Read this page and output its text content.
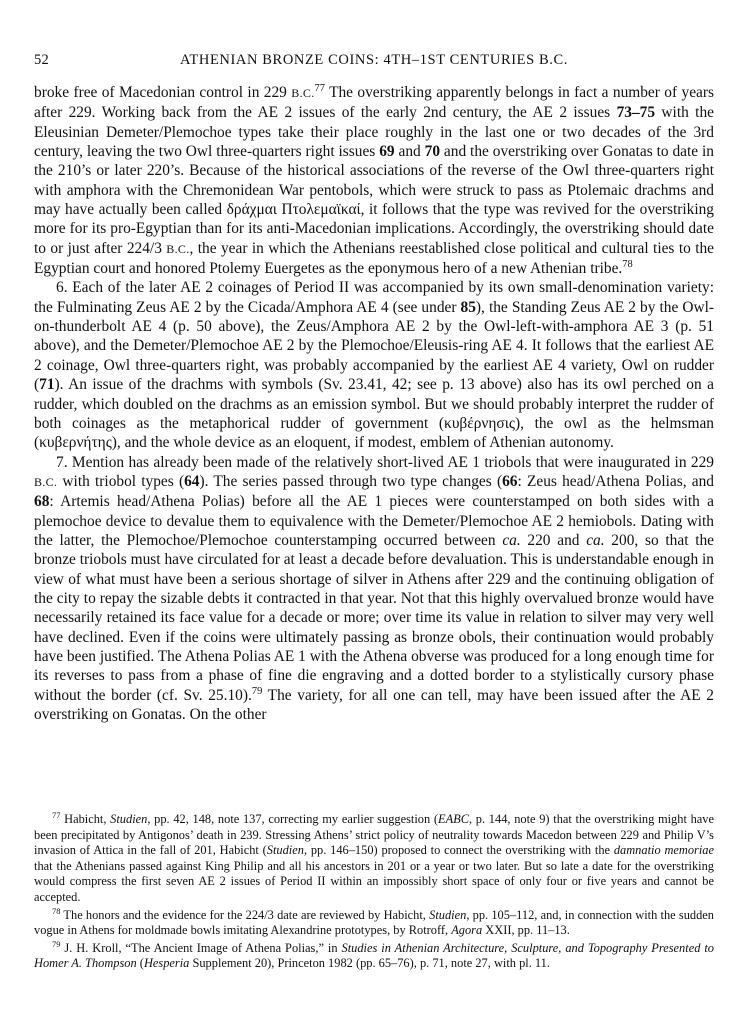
52	ATHENIAN BRONZE COINS: 4TH–1ST CENTURIES B.C.

broke free of Macedonian control in 229 B.C.$^{77}$ The overstriking apparently belongs in fact a number of years after 229. Working back from the AE 2 issues of the early 2nd century, the AE 2 issues 73–75 with the Eleusinian Demeter/Plemochoe types take their place roughly in the last one or two decades of the 3rd century, leaving the two Owl three-quarters right issues 69 and 70 and the overstriking over Gonatas to date in the 210’s or later 220’s. Because of the historical associations of the reverse of the Owl three-quarters right with amphora with the Chremonidean War pentobols, which were struck to pass as Ptolemaic drachms and may have actually been called δράχμαι Πτολεμαϊκαί, it follows that the type was revived for the overstriking more for its pro-Egyptian than for its anti-Macedonian implications. Accordingly, the overstriking should date to or just after 224/3 B.C., the year in which the Athenians reestablished close political and cultural ties to the Egyptian court and honored Ptolemy Euergetes as the eponymous hero of a new Athenian tribe.$^{78}$

6. Each of the later AE 2 coinages of Period II was accompanied by its own small-denomination variety: the Fulminating Zeus AE 2 by the Cicada/Amphora AE 4 (see under 85), the Standing Zeus AE 2 by the Owl-on-thunderbolt AE 4 (p. 50 above), the Zeus/Amphora AE 2 by the Owl-left-with-amphora AE 3 (p. 51 above), and the Demeter/Plemochoe AE 2 by the Plemochoe/Eleusis-ring AE 4. It follows that the earliest AE 2 coinage, Owl three-quarters right, was probably accompanied by the earliest AE 4 variety, Owl on rudder (71). An issue of the drachms with symbols (Sv. 23.41, 42; see p. 13 above) also has its owl perched on a rudder, which doubled on the drachms as an emission symbol. But we should probably interpret the rudder of both coinages as the metaphorical rudder of government (κυβέρνησις), the owl as the helmsman (κυβερνήτης), and the whole device as an eloquent, if modest, emblem of Athenian autonomy.

7. Mention has already been made of the relatively short-lived AE 1 triobols that were inaugurated in 229 B.C. with triobol types (64). The series passed through two type changes (66: Zeus head/Athena Polias, and 68: Artemis head/Athena Polias) before all the AE 1 pieces were counterstamped on both sides with a plemochoe device to devalue them to equivalence with the Demeter/Plemochoe AE 2 hemiobols. Dating with the latter, the Plemochoe/Plemochoe counterstamping occurred between ca. 220 and ca. 200, so that the bronze triobols must have circulated for at least a decade before devaluation. This is understandable enough in view of what must have been a serious shortage of silver in Athens after 229 and the continuing obligation of the city to repay the sizable debts it contracted in that year. Not that this highly overvalued bronze would have necessarily retained its face value for a decade or more; over time its value in relation to silver may very well have declined. Even if the coins were ultimately passing as bronze obols, their continuation would probably have been justified. The Athena Polias AE 1 with the Athena obverse was produced for a long enough time for its reverses to pass from a phase of fine die engraving and a dotted border to a stylistically cursory phase without the border (cf. Sv. 25.10).$^{79}$ The variety, for all one can tell, may have been issued after the AE 2 overstriking on Gonatas. On the other

$^{77}$ Habicht, Studien, pp. 42, 148, note 137, correcting my earlier suggestion (EABC, p. 144, note 9) that the overstriking might have been precipitated by Antigonos’ death in 239. Stressing Athens’ strict policy of neutrality towards Macedon between 229 and Philip V’s invasion of Attica in the fall of 201, Habicht (Studien, pp. 146–150) proposed to connect the overstriking with the damnatio memoriae that the Athenians passed against King Philip and all his ancestors in 201 or a year or two later. But so late a date for the overstriking would compress the first seven AE 2 issues of Period II within an impossibly short space of only four or five years and cannot be accepted.

$^{78}$ The honors and the evidence for the 224/3 date are reviewed by Habicht, Studien, pp. 105–112, and, in connection with the sudden vogue in Athens for moldmade bowls imitating Alexandrine prototypes, by Rotroff, Agora XXII, pp. 11–13.

$^{79}$ J. H. Kroll, “The Ancient Image of Athena Polias,” in Studies in Athenian Architecture, Sculpture, and Topography Presented to Homer A. Thompson (Hesperia Supplement 20), Princeton 1982 (pp. 65–76), p. 71, note 27, with pl. 11.
